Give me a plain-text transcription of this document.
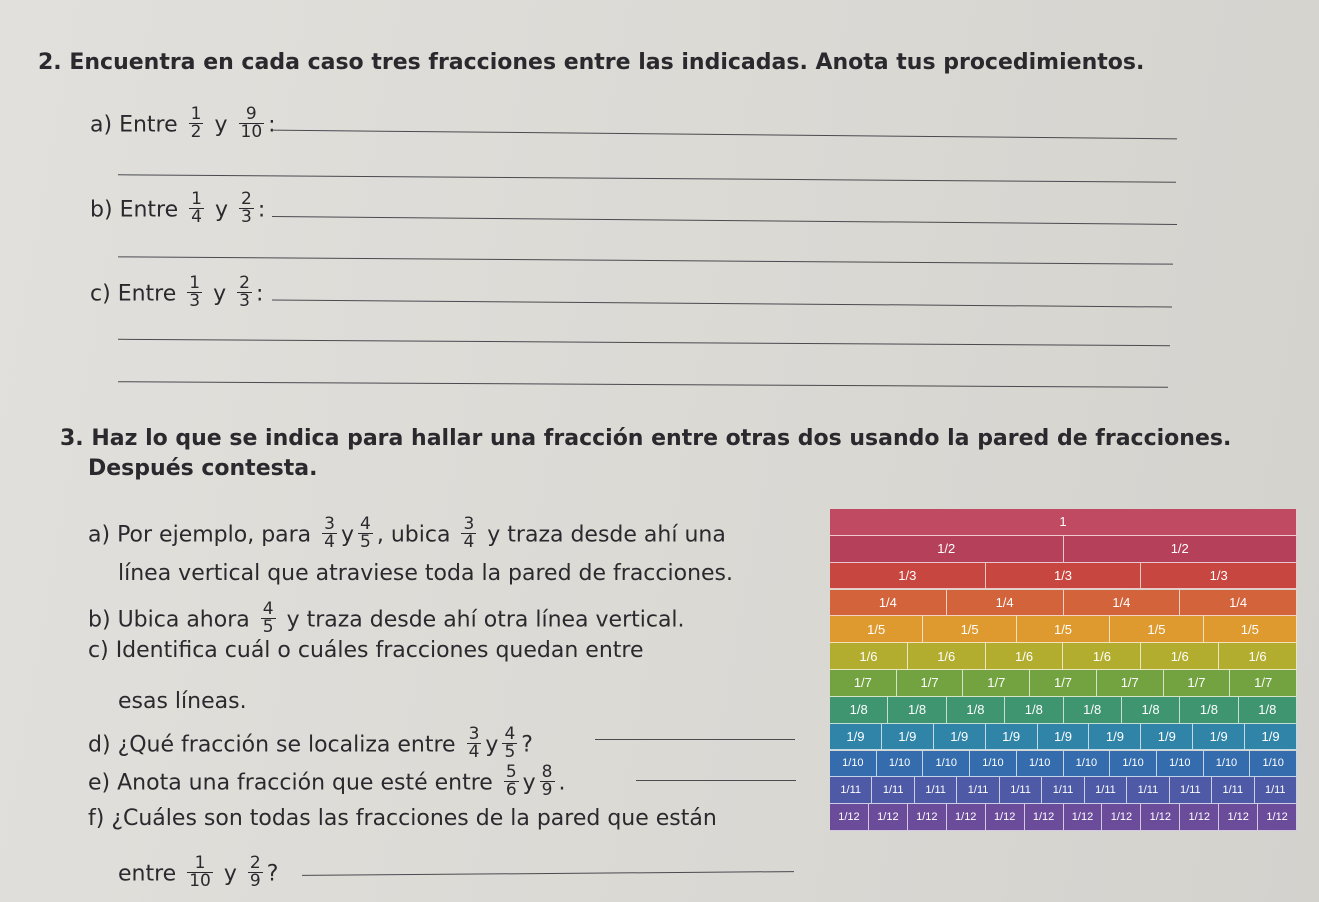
2. Encuentra en cada caso tres fracciones entre las indicadas. Anota tus procedimientos.
a) Entre $\frac{1}{2}$ y $\frac{9}{10}$ :
b) Entre $\frac{1}{4}$ y $\frac{2}{3}$ :
c) Entre $\frac{1}{3}$ y $\frac{2}{3}$ :
3. Haz lo que se indica para hallar una fracción entre otras dos usando la pared de fracciones.
Después contesta.
a) Por ejemplo, para $\frac{3}{4}$ y $\frac{4}{5}$ , ubica $\frac{3}{4}$ y traza desde ahí una
línea vertical que atraviese toda la pared de fracciones.
b) Ubica ahora $\frac{4}{5}$ y traza desde ahí otra línea vertical.
c) Identifica cuál o cuáles fracciones quedan entre
esas líneas.
d) ¿Qué fracción se localiza entre $\frac{3}{4}$ y $\frac{4}{5}$ ?
e) Anota una fracción que esté entre $\frac{5}{6}$ y $\frac{8}{9}$ .
f) ¿Cuáles son todas las fracciones de la pared que están
entre $\frac{1}{10}$ y $\frac{2}{9}$ ?
1
1/2	1/2
1/3	1/3	1/3
1/4	1/4	1/4	1/4
1/5	1/5	1/5	1/5	1/5
1/6	1/6	1/6	1/6	1/6	1/6
1/7	1/7	1/7	1/7	1/7	1/7	1/7
1/8	1/8	1/8	1/8	1/8	1/8	1/8	1/8
1/9	1/9	1/9	1/9	1/9	1/9	1/9	1/9	1/9
1/10	1/10	1/10	1/10	1/10	1/10	1/10	1/10	1/10	1/10
1/11	1/11	1/11	1/11	1/11	1/11	1/11	1/11	1/11	1/11	1/11
1/12	1/12	1/12	1/12	1/12	1/12	1/12	1/12	1/12	1/12	1/12	1/12
